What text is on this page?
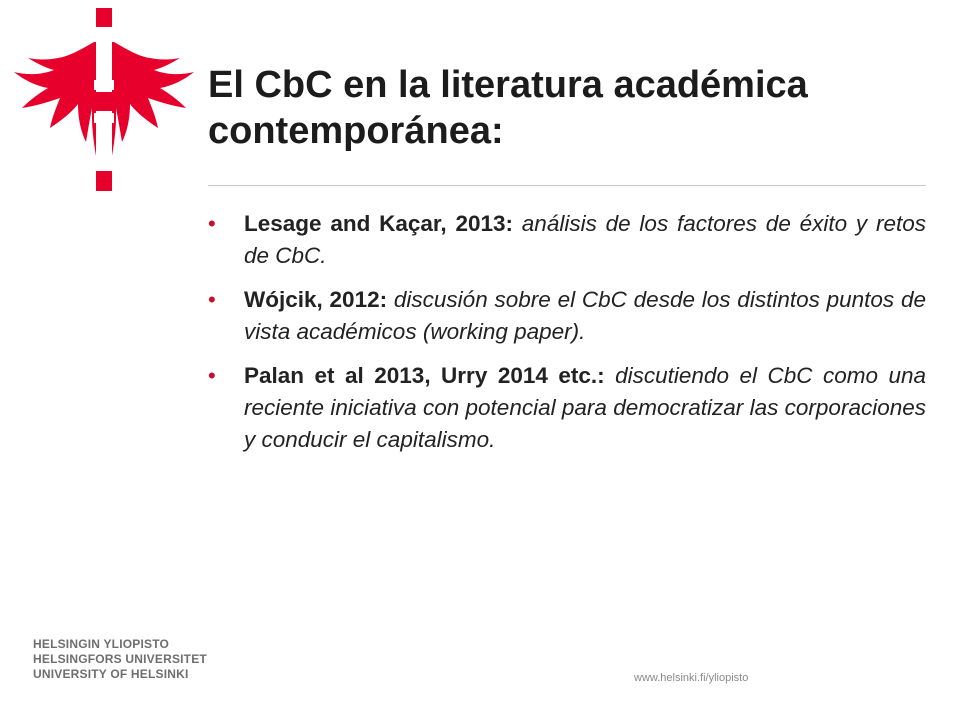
El CbC en la literatura académica contemporánea:
• Lesage and Kaçar, 2013: análisis de los factores de éxito y retos de CbC.
• Wójcik, 2012: discusión sobre el CbC desde los distintos puntos de vista académicos (working paper).
• Palan et al 2013, Urry 2014 etc.: discutiendo el CbC como una reciente iniciativa con potencial para democratizar las corporaciones y conducir el capitalismo.
HELSINGIN YLIOPISTO
HELSINGFORS UNIVERSITET
UNIVERSITY OF HELSINKI	www.helsinki.fi/yliopisto
